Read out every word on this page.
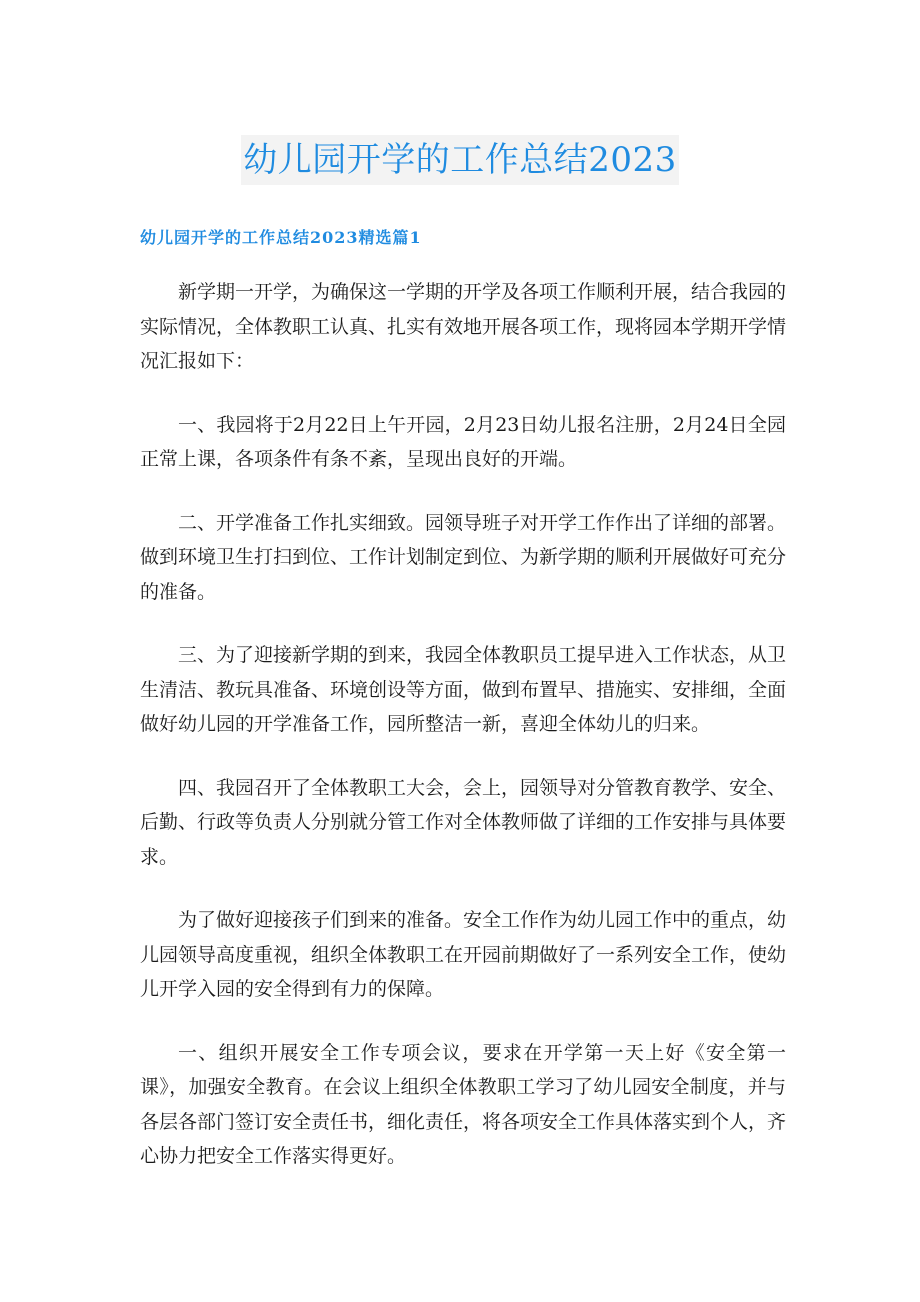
幼儿园开学的工作总结2023
幼儿园开学的工作总结2023精选篇1

新学期一开学，为确保这一学期的开学及各项工作顺利开展，结合我园的实际情况，全体教职工认真、扎实有效地开展各项工作，现将园本学期开学情况汇报如下：

一、我园将于2月22日上午开园，2月23日幼儿报名注册，2月24日全园正常上课，各项条件有条不紊，呈现出良好的开端。

二、开学准备工作扎实细致。园领导班子对开学工作作出了详细的部署。做到环境卫生打扫到位、工作计划制定到位、为新学期的顺利开展做好可充分的准备。

三、为了迎接新学期的到来，我园全体教职员工提早进入工作状态，从卫生清洁、教玩具准备、环境创设等方面，做到布置早、措施实、安排细，全面做好幼儿园的开学准备工作，园所整洁一新，喜迎全体幼儿的归来。

四、我园召开了全体教职工大会，会上，园领导对分管教育教学、安全、后勤、行政等负责人分别就分管工作对全体教师做了详细的工作安排与具体要求。

为了做好迎接孩子们到来的准备。安全工作作为幼儿园工作中的重点，幼儿园领导高度重视，组织全体教职工在开园前期做好了一系列安全工作，使幼儿开学入园的安全得到有力的保障。

一、组织开展安全工作专项会议，要求在开学第一天上好《安全第一课》，加强安全教育。在会议上组织全体教职工学习了幼儿园安全制度，并与各层各部门签订安全责任书，细化责任，将各项安全工作具体落实到个人，齐心协力把安全工作落实得更好。
